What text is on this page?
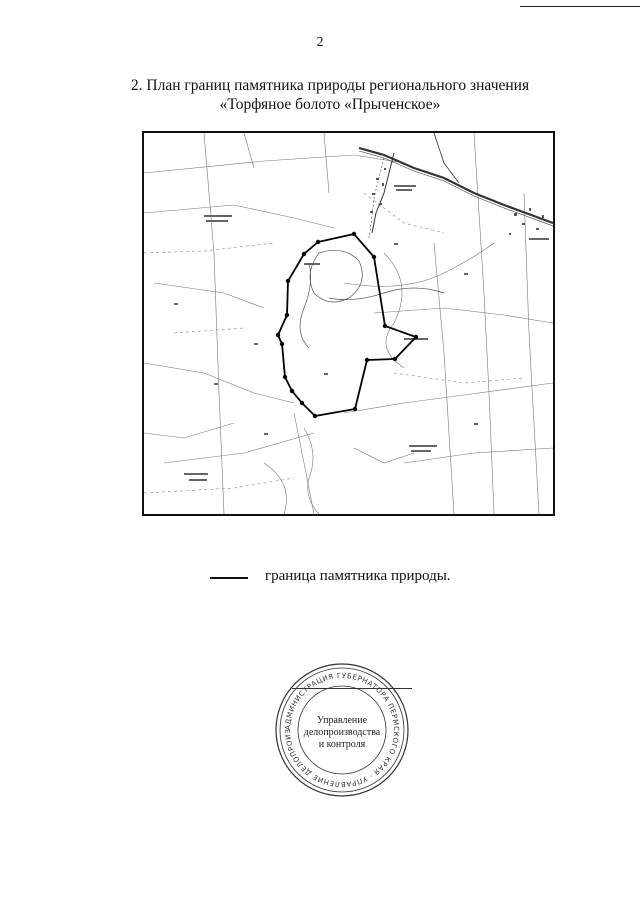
2
2. План границ памятника природы регионального значения
«Торфяное болото «Прыченское»
граница памятника природы.
АДМИНИСТРАЦИЯ ГУБЕРНАТОРА ПЕРМСКОГО КРАЯ · УПРАВЛЕНИЕ ДЕЛОПРОИЗ
Управление
делопроизводства
и контроля
